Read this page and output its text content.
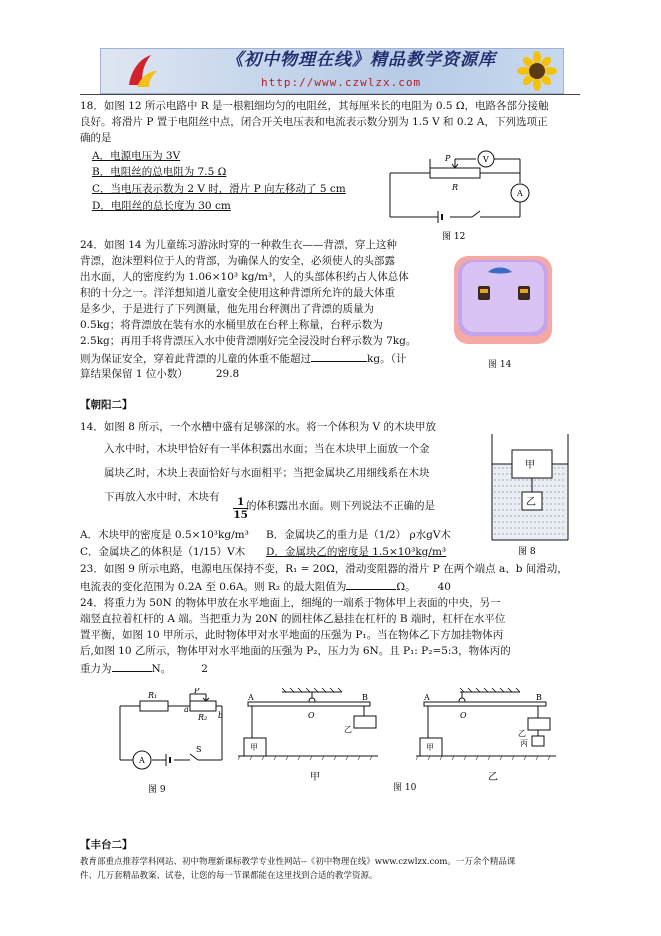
《初中物理在线》精品教学资源库
http://www.czwlzx.com
18．如图 12 所示电路中 R 是一根粗细均匀的电阻丝，其每厘米长的电阻为 0.5 Ω，电路各部分接触
良好。将滑片 P 置于电阻丝中点，闭合开关电压表和电流表示数分别为 1.5 V 和 0.2 A，下列选项正
确的是
A．电源电压为 3V
B．电阻丝的总电阻为 7.5 Ω
C．当电压表示数为 2 V 时，滑片 P 向左移动了 5 cm
D．电阻丝的总长度为 30 cm
P	V
R
A
图 12
24．如图 14 为儿童练习游泳时穿的一种救生衣——背漂，穿上这种
背漂，泡沫塑料位于人的背部，为确保人的安全，必须使人的头部露
出水面，人的密度约为 1.06×10³ kg/m³，人的头部体积约占人体总体
积的十分之一。洋洋想知道儿童安全使用这种背漂所允许的最大体重
是多少，于是进行了下列测量，他先用台秤测出了背漂的质量为
0.5kg；将背漂放在装有水的水桶里放在台秤上称量，台秤示数为
2.5kg；再用手将背漂压入水中使背漂刚好完全浸没时台秤示数为 7kg。
则为保证安全，穿着此背漂的儿童的体重不能超过	kg。（计
算结果保留 1 位小数）	29.8
图 14
【朝阳二】
14．如图 8 所示，一个水槽中盛有足够深的水。将一个体积为 V 的木块甲放
入水中时，木块甲恰好有一半体积露出水面；当在木块甲上面放一个金
属块乙时，木块上表面恰好与水面相平；当把金属块乙用细线系在木块
下再放入水中时，木块有
$\frac{1}{15}$
的体积露出水面。则下列说法不正确的是
A．木块甲的密度是 0.5×10³kg/m³ B．金属块乙的重力是（1/2） ρ水gV木
C．金属块乙的体积是（1/15）V木 D．金属块乙的密度是 1.5×10³kg/m³
甲
乙
图 8
23．如图 9 所示电路，电源电压保持不变，R₁ = 20Ω，滑动变阻器的滑片 P 在两个端点 a、b 间滑动，
电流表的变化范围为 0.2A 至 0.6A。则 R₂ 的最大阻值为	Ω。 40
24．将重力为 50N 的物体甲放在水平地面上，细绳的一端系于物体甲上表面的中央，另一
端竖直拉着杠杆的 A 端。当把重力为 20N 的圆柱体乙悬挂在杠杆的 B 端时，杠杆在水平位
置平衡，如图 10 甲所示，此时物体甲对水平地面的压强为 P₁。当在物体乙下方加挂物体丙
后,如图 10 乙所示，物体甲对水平地面的压强为 P₂，压力为 6N。且 P₁: P₂=5:3，物体丙的
重力为	N。	2
R₁
P
a
b
R₂
S
A
图 9
A	B
O
甲
乙
甲
图 10
A	B
O
甲
乙
丙
乙
【丰台二】
教育部重点推荐学科网站、初中物理新课标教学专业性网站--《初中物理在线》www.czwlzx.com。一万余个精品课
件、几万套精品教案、试卷，让您的每一节课都能在这里找到合适的教学资源。
